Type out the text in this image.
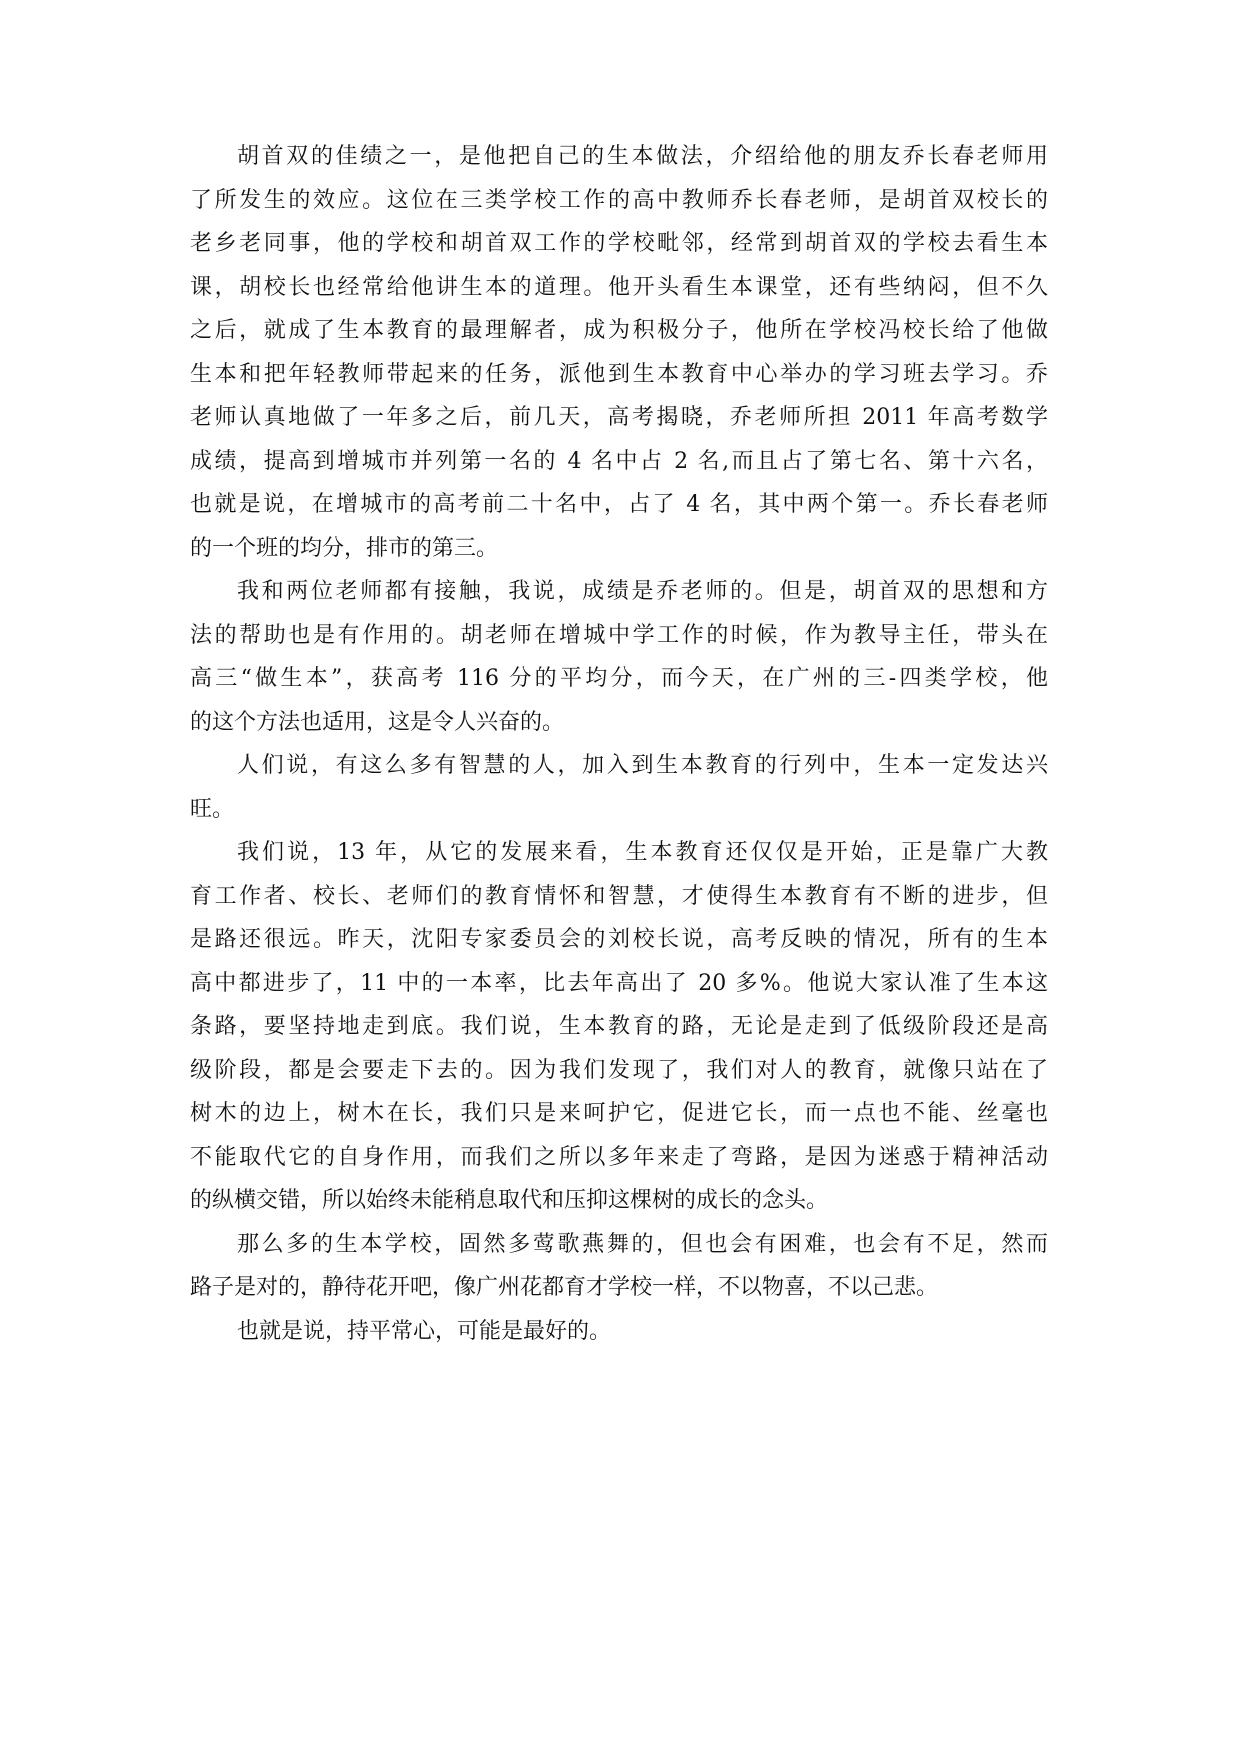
胡首双的佳绩之一，是他把自己的生本做法，介绍给他的朋友乔长春老师用
了所发生的效应。这位在三类学校工作的高中教师乔长春老师，是胡首双校长的
老乡老同事，他的学校和胡首双工作的学校毗邻，经常到胡首双的学校去看生本
课，胡校长也经常给他讲生本的道理。他开头看生本课堂，还有些纳闷，但不久
之后，就成了生本教育的最理解者，成为积极分子，他所在学校冯校长给了他做
生本和把年轻教师带起来的任务，派他到生本教育中心举办的学习班去学习。乔
老师认真地做了一年多之后，前几天，高考揭晓，乔老师所担 2011 年高考数学
成绩，提高到增城市并列第一名的 4 名中占 2 名,而且占了第七名、第十六名，
也就是说，在增城市的高考前二十名中，占了 4 名，其中两个第一。乔长春老师
的一个班的均分，排市的第三。
我和两位老师都有接触，我说，成绩是乔老师的。但是，胡首双的思想和方
法的帮助也是有作用的。胡老师在增城中学工作的时候，作为教导主任，带头在
高三“做生本”，获高考 116 分的平均分，而今天，在广州的三-四类学校，他
的这个方法也适用，这是令人兴奋的。
人们说，有这么多有智慧的人，加入到生本教育的行列中，生本一定发达兴
旺。
我们说，13 年，从它的发展来看，生本教育还仅仅是开始，正是靠广大教
育工作者、校长、老师们的教育情怀和智慧，才使得生本教育有不断的进步，但
是路还很远。昨天，沈阳专家委员会的刘校长说，高考反映的情况，所有的生本
高中都进步了，11 中的一本率，比去年高出了 20 多%。他说大家认准了生本这
条路，要坚持地走到底。我们说，生本教育的路，无论是走到了低级阶段还是高
级阶段，都是会要走下去的。因为我们发现了，我们对人的教育，就像只站在了
树木的边上，树木在长，我们只是来呵护它，促进它长，而一点也不能、丝毫也
不能取代它的自身作用，而我们之所以多年来走了弯路，是因为迷惑于精神活动
的纵横交错，所以始终未能稍息取代和压抑这棵树的成长的念头。
那么多的生本学校，固然多莺歌燕舞的，但也会有困难，也会有不足，然而
路子是对的，静待花开吧，像广州花都育才学校一样，不以物喜，不以己悲。
也就是说，持平常心，可能是最好的。
